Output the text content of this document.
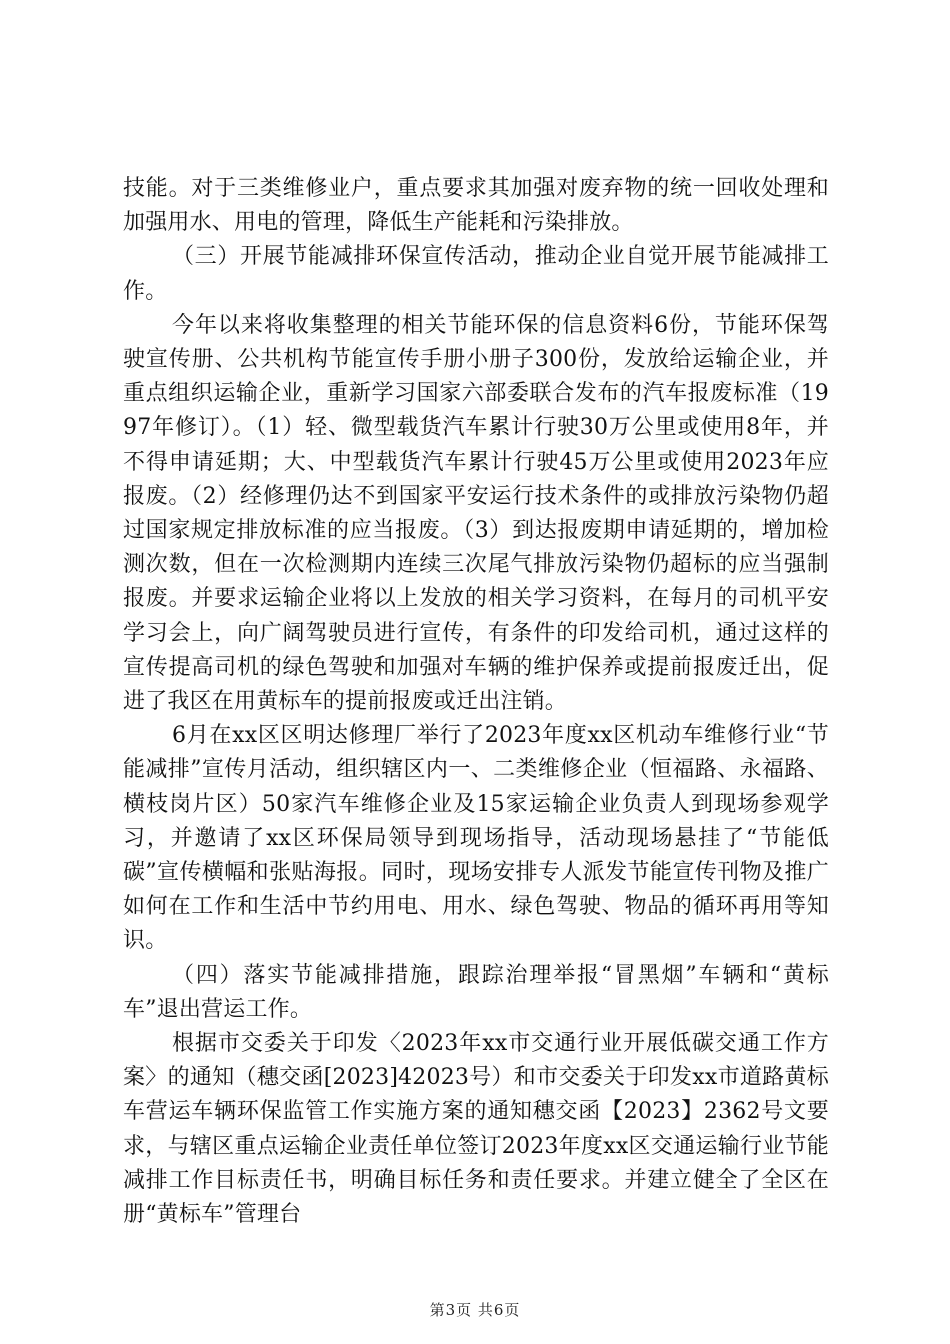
技能。对于三类维修业户，重点要求其加强对废弃物的统一回收处理和加强用水、用电的管理，降低生产能耗和污染排放。

（三）开展节能减排环保宣传活动，推动企业自觉开展节能减排工作。

今年以来将收集整理的相关节能环保的信息资料6份，节能环保驾驶宣传册、公共机构节能宣传手册小册子300份，发放给运输企业，并重点组织运输企业，重新学习国家六部委联合发布的汽车报废标准（1997年修订）。（1）轻、微型载货汽车累计行驶30万公里或使用8年，并不得申请延期；大、中型载货汽车累计行驶45万公里或使用2023年应报废。（2）经修理仍达不到国家平安运行技术条件的或排放污染物仍超过国家规定排放标准的应当报废。（3）到达报废期申请延期的，增加检测次数，但在一次检测期内连续三次尾气排放污染物仍超标的应当强制报废。并要求运输企业将以上发放的相关学习资料，在每月的司机平安学习会上，向广阔驾驶员进行宣传，有条件的印发给司机，通过这样的宣传提高司机的绿色驾驶和加强对车辆的维护保养或提前报废迁出，促进了我区在用黄标车的提前报废或迁出注销。

6月在xx区区明达修理厂举行了2023年度xx区机动车维修行业“节能减排”宣传月活动，组织辖区内一、二类维修企业（恒福路、永福路、横枝岗片区）50家汽车维修企业及15家运输企业负责人到现场参观学习，并邀请了xx区环保局领导到现场指导，活动现场悬挂了“节能低碳”宣传横幅和张贴海报。同时，现场安排专人派发节能宣传刊物及推广如何在工作和生活中节约用电、用水、绿色驾驶、物品的循环再用等知识。

（四）落实节能减排措施，跟踪治理举报“冒黑烟”车辆和“黄标车”退出营运工作。

根据市交委关于印发〈2023年xx市交通行业开展低碳交通工作方案〉的通知（穗交函[2023]42023号）和市交委关于印发xx市道路黄标车营运车辆环保监管工作实施方案的通知穗交函【2023】2362号文要求，与辖区重点运输企业责任单位签订2023年度xx区交通运输行业节能减排工作目标责任书，明确目标任务和责任要求。并建立健全了全区在册“黄标车”管理台

第3页 共6页
